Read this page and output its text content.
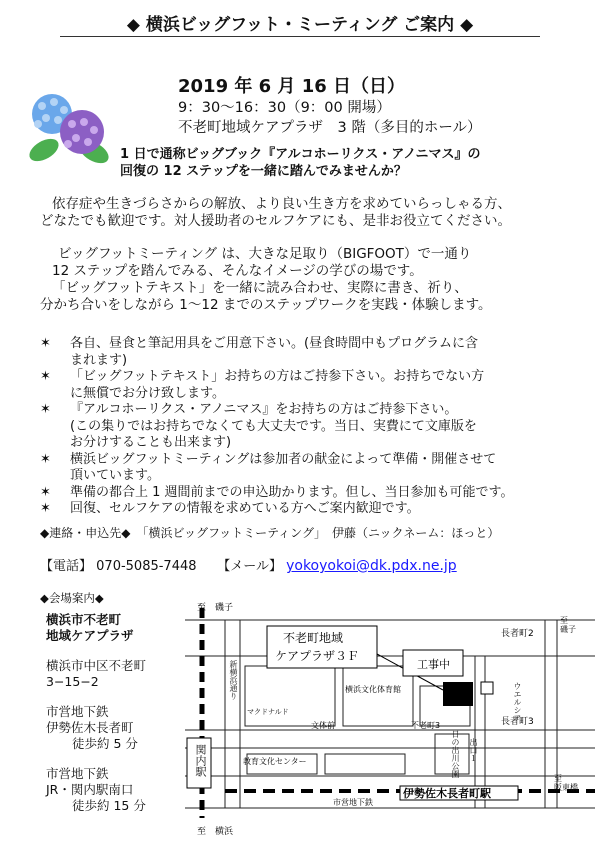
◆ 横浜ビッグフット・ミーティング ご案内 ◆
2019 年 6 月 16 日（日）
9：30〜16：30（9：00 開場）
不老町地域ケアプラザ　3 階（多目的ホール）
1 日で通称ビッグブック『アルコホーリクス・アノニマス』の
回復の 12 ステップを一緒に踏んでみませんか？
依存症や生きづらさからの解放、より良い生き方を求めていらっしゃる方、
どなたでも歓迎です。対人援助者のセルフケアにも、是非お役立てください。
ビッグフットミーティング は、大きな足取り（BIGFOOT）で一通り
12 ステップを踏んでみる、そんなイメージの学びの場です。
「ビッグフットテキスト」を一緒に読み合わせ、実際に書き、祈り、
分かち合いをしながら 1〜12 までのステップワークを実践・体験します。
✶	各自、昼食と筆記用具をご用意下さい。(昼食時間中もプログラムに含
まれます)
✶	「ビッグフットテキスト」お持ちの方はご持参下さい。お持ちでない方
に無償でお分け致します。
✶	『アルコホーリクス・アノニマス』をお持ちの方はご持参下さい。
(この集りではお持ちでなくても大丈夫です。当日、実費にて文庫版を
お分けすることも出来ます)
✶	横浜ビッグフットミーティングは参加者の献金によって準備・開催させて
頂いています。
✶	準備の都合上 1 週間前までの申込助かります。但し、当日参加も可能です。
✶	回復、セルフケアの情報を求めている方へご案内歓迎です。
◆連絡・申込先◆　「横浜ビッグフットミーティング」　伊藤（ニックネーム：ほっと）
【電話】 070-5085-7448 【メール】 yokoyokoi@dk.pdx.ne.jp
◆会場案内◆
横浜市不老町
地域ケアプラザ
横浜市中区不老町
3−15−2
市営地下鉄
伊勢佐木長者町
徒歩約 5 分
市営地下鉄
JR・関内駅南口
徒歩約 15 分
至　磯子
至　横浜
長者町2
長者町3
不老町地域
ケアプラザ３Ｆ
工事中
横浜文化体育館
マクドナルド
文体前	不老町3
教育文化センター
伊勢佐木長者町駅
市営地下鉄
新横浜通り
関内駅	日の出川公園	出口１
ウエルシア
至
磯子
至
阪東橋
